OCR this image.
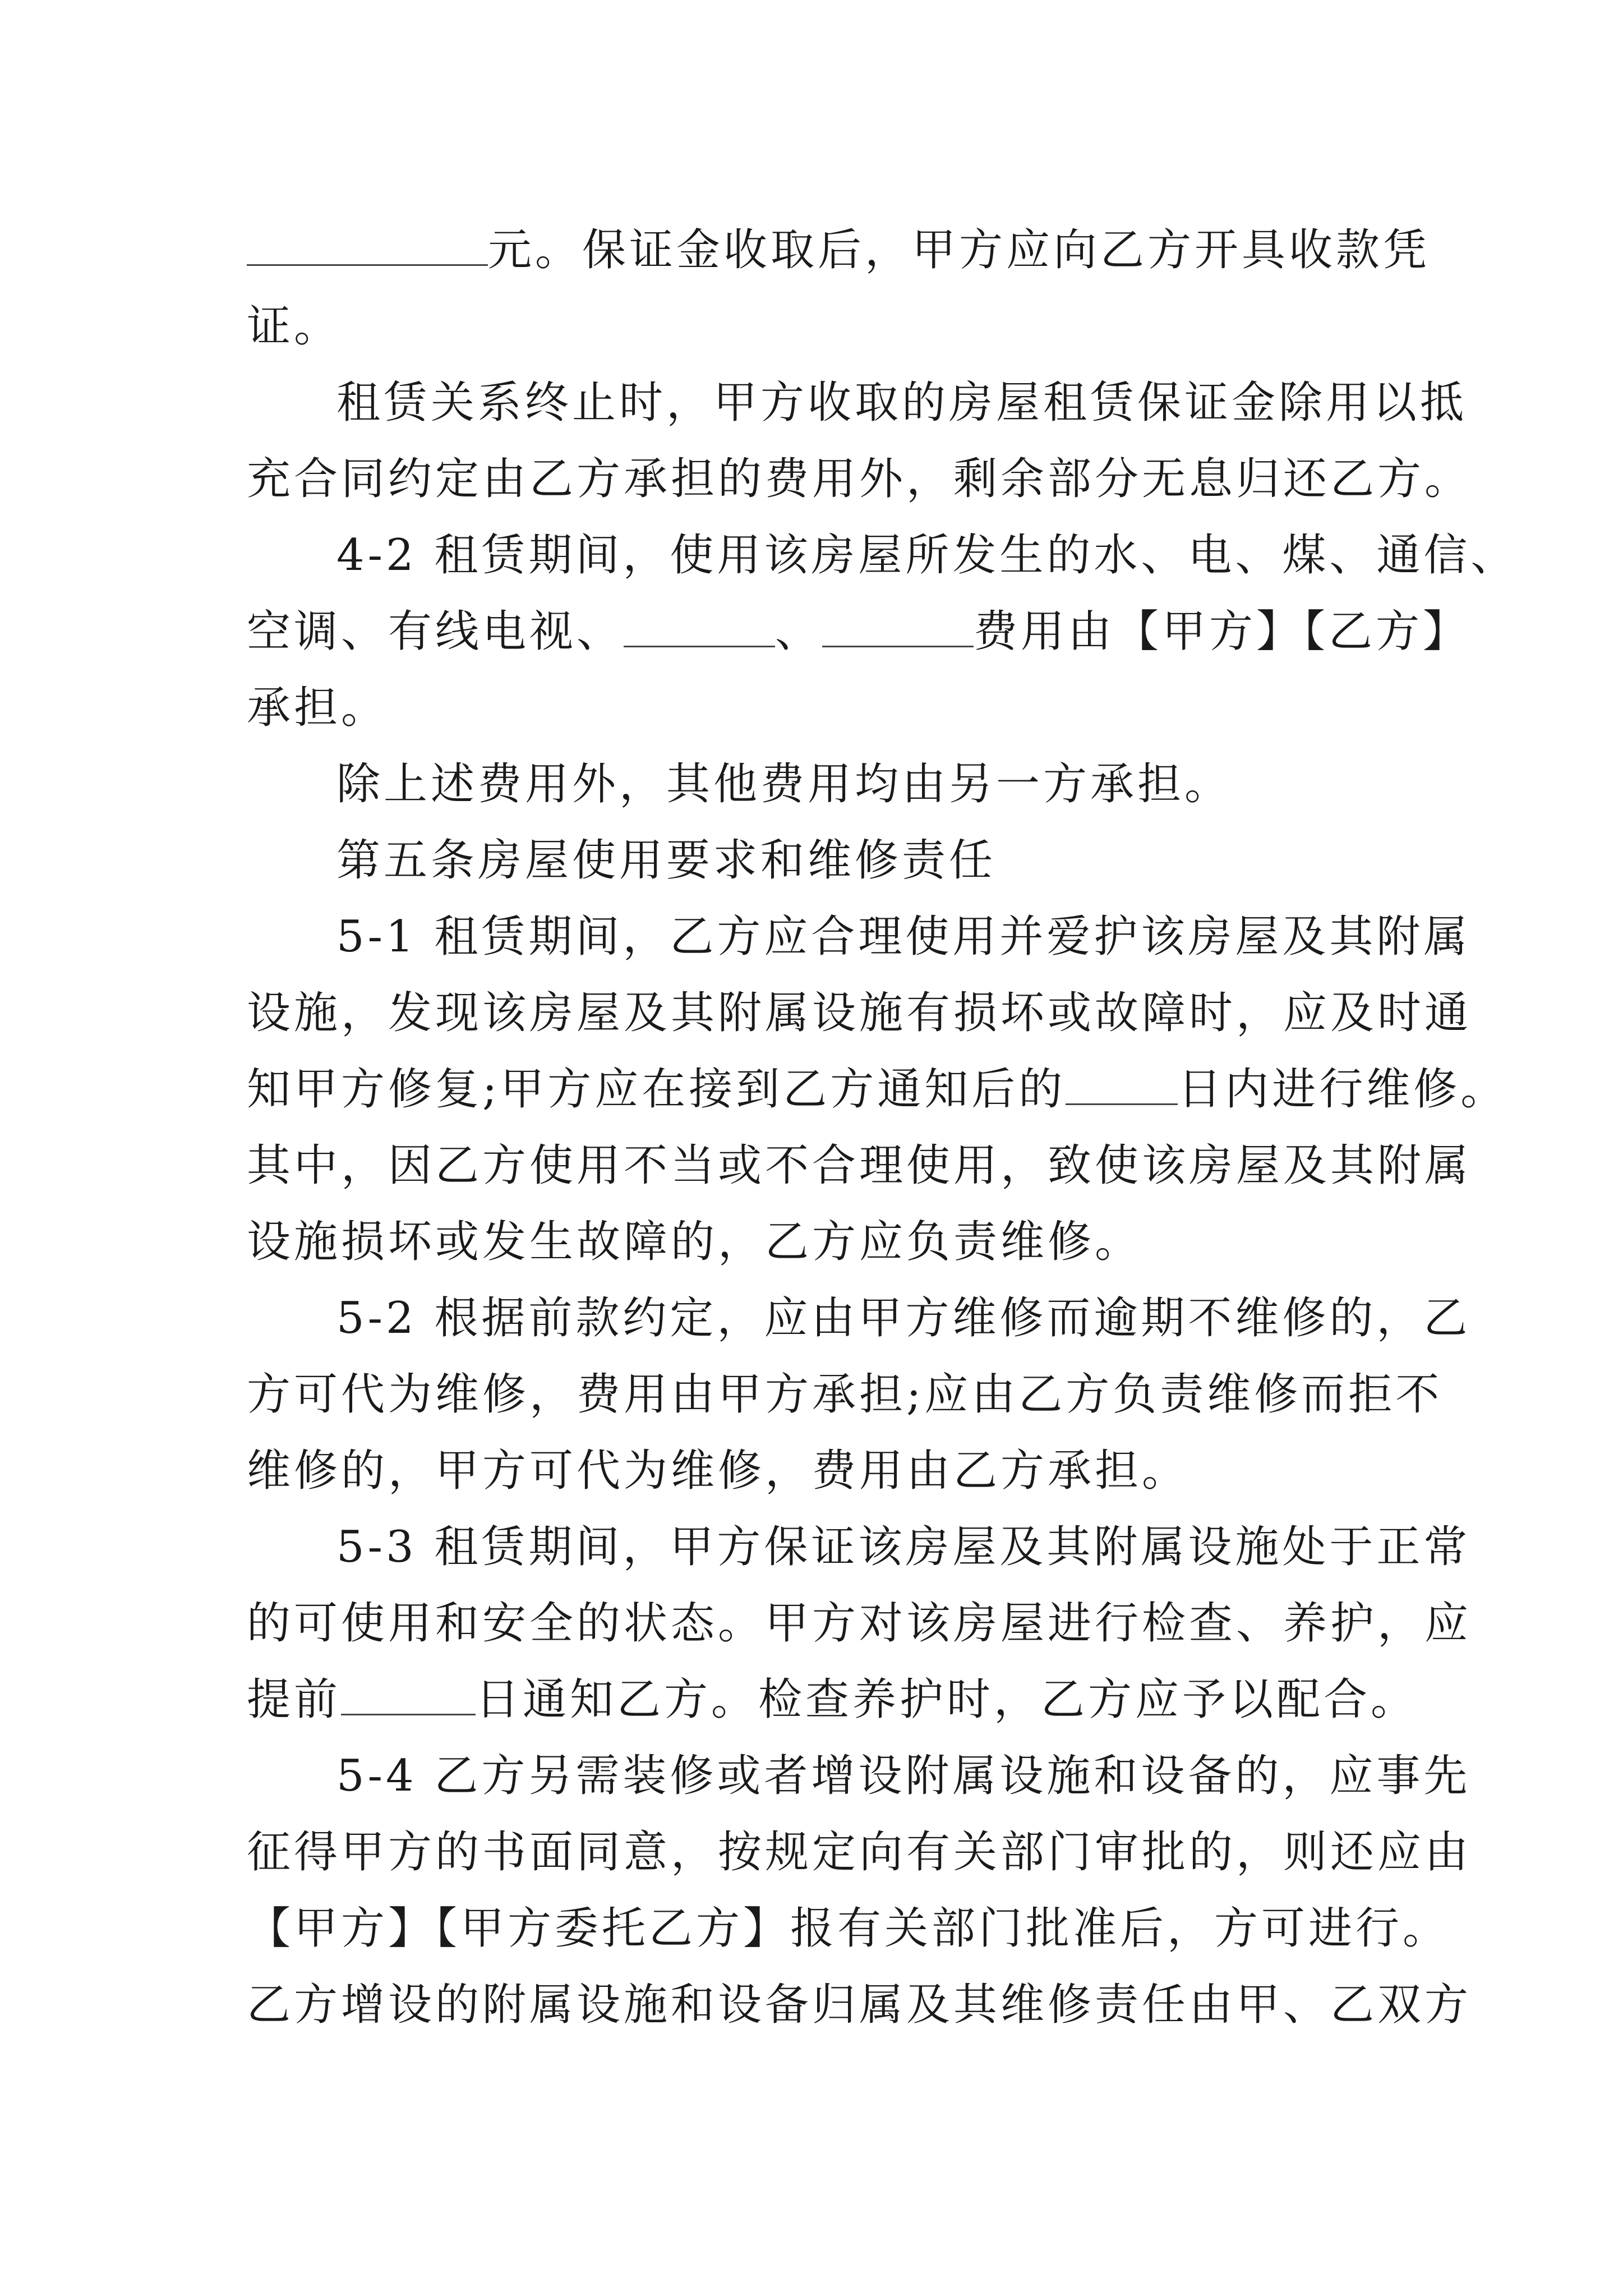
元。保证金收取后，甲方应向乙方开具收款凭
证。
租赁关系终止时，甲方收取的房屋租赁保证金除用以抵
充合同约定由乙方承担的费用外，剩余部分无息归还乙方。
4-2 租赁期间，使用该房屋所发生的水、电、煤、通信、
空调、有线电视、	、	费用由【甲方】【乙方】
承担。
除上述费用外，其他费用均由另一方承担。
第五条房屋使用要求和维修责任
5-1 租赁期间，乙方应合理使用并爱护该房屋及其附属
设施，发现该房屋及其附属设施有损坏或故障时，应及时通
知甲方修复;甲方应在接到乙方通知后的	日内进行维修。
其中，因乙方使用不当或不合理使用，致使该房屋及其附属
设施损坏或发生故障的，乙方应负责维修。
5-2 根据前款约定，应由甲方维修而逾期不维修的，乙
方可代为维修，费用由甲方承担;应由乙方负责维修而拒不
维修的，甲方可代为维修，费用由乙方承担。
5-3 租赁期间，甲方保证该房屋及其附属设施处于正常
的可使用和安全的状态。甲方对该房屋进行检查、养护，应
提前	日通知乙方。检查养护时，乙方应予以配合。
5-4 乙方另需装修或者增设附属设施和设备的，应事先
征得甲方的书面同意，按规定向有关部门审批的，则还应由
【甲方】【甲方委托乙方】报有关部门批准后，方可进行。
乙方增设的附属设施和设备归属及其维修责任由甲、乙双方
